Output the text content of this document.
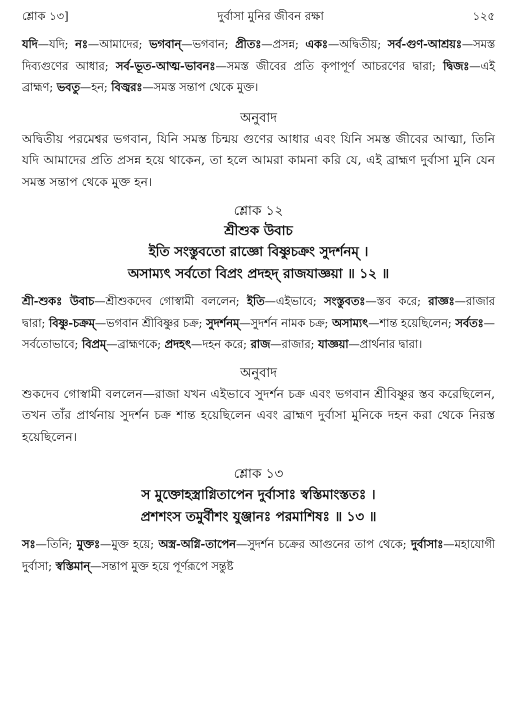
শ্লোক ১৩]	দুর্বাসা মুনির জীবন রক্ষা	১২৫

যদি—যদি; নঃ—আমাদের; ভগবান্—ভগবান; প্রীতঃ—প্রসন্ন; একঃ—অদ্বিতীয়; সর্ব-গুণ-আশ্রয়ঃ—সমস্ত দিব্যগুণের আধার; সর্ব-ভূত-আত্ম-ভাবনঃ—সমস্ত জীবের প্রতি কৃপাপূর্ণ আচরণের দ্বারা; দ্বিজঃ—এই ব্রাহ্মণ; ভবতু—হন; বিজ্বরঃ—সমস্ত সন্তাপ থেকে মুক্ত।

অনুবাদ

অদ্বিতীয় পরমেশ্বর ভগবান, যিনি সমস্ত চিন্ময় গুণের আধার এবং যিনি সমস্ত জীবের আত্মা, তিনি যদি আমাদের প্রতি প্রসন্ন হয়ে থাকেন, তা হলে আমরা কামনা করি যে, এই ব্রাহ্মণ দুর্বাসা মুনি যেন সমস্ত সন্তাপ থেকে মুক্ত হন।

শ্লোক ১২

শ্রীশুক উবাচ

ইতি সংস্তুবতো রাজ্ঞো বিষ্ণুচক্রং সুদর্শনম্ ।

অসাম্যৎ সর্বতো বিপ্রং প্রদহদ্ রাজযাজ্ঞয়া ॥ ১২ ॥

শ্রী-শুকঃ উবাচ—শ্রীশুকদেব গোস্বামী বললেন; ইতি—এইভাবে; সংস্তুবতঃ—স্তব করে; রাজ্ঞঃ—রাজার দ্বারা; বিষ্ণু-চক্রম্—ভগবান শ্রীবিষ্ণুর চক্র; সুদর্শনম্—সুদর্শন নামক চক্র; অসাম্যৎ—শান্ত হয়েছিলেন; সর্বতঃ—সর্বতোভাবে; বিপ্রম্—ব্রাহ্মণকে; প্রদহৎ—দহন করে; রাজ—রাজার; যাজ্ঞয়া—প্রার্থনার দ্বারা।

অনুবাদ

শুকদেব গোস্বামী বললেন—রাজা যখন এইভাবে সুদর্শন চক্র এবং ভগবান শ্রীবিষ্ণুর স্তব করেছিলেন, তখন তাঁর প্রার্থনায় সুদর্শন চক্র শান্ত হয়েছিলেন এবং ব্রাহ্মণ দুর্বাসা মুনিকে দহন করা থেকে নিরস্ত হয়েছিলেন।

শ্লোক ১৩

স মুক্তোহস্ত্রাগ্নিতাপেন দুর্বাসাঃ স্বস্তিমাংস্ততঃ ।

প্রশশংস তমুর্বীশং যুঞ্জানঃ পরমাশিষঃ ॥ ১৩ ॥

সঃ—তিনি; মুক্তঃ—মুক্ত হয়ে; অস্ত্র-অগ্নি-তাপেন—সুদর্শন চক্রের আগুনের তাপ থেকে; দুর্বাসাঃ—মহাযোগী দুর্বাসা; স্বস্তিমান্—সন্তাপ মুক্ত হয়ে পূর্ণরূপে সন্তুষ্ট
